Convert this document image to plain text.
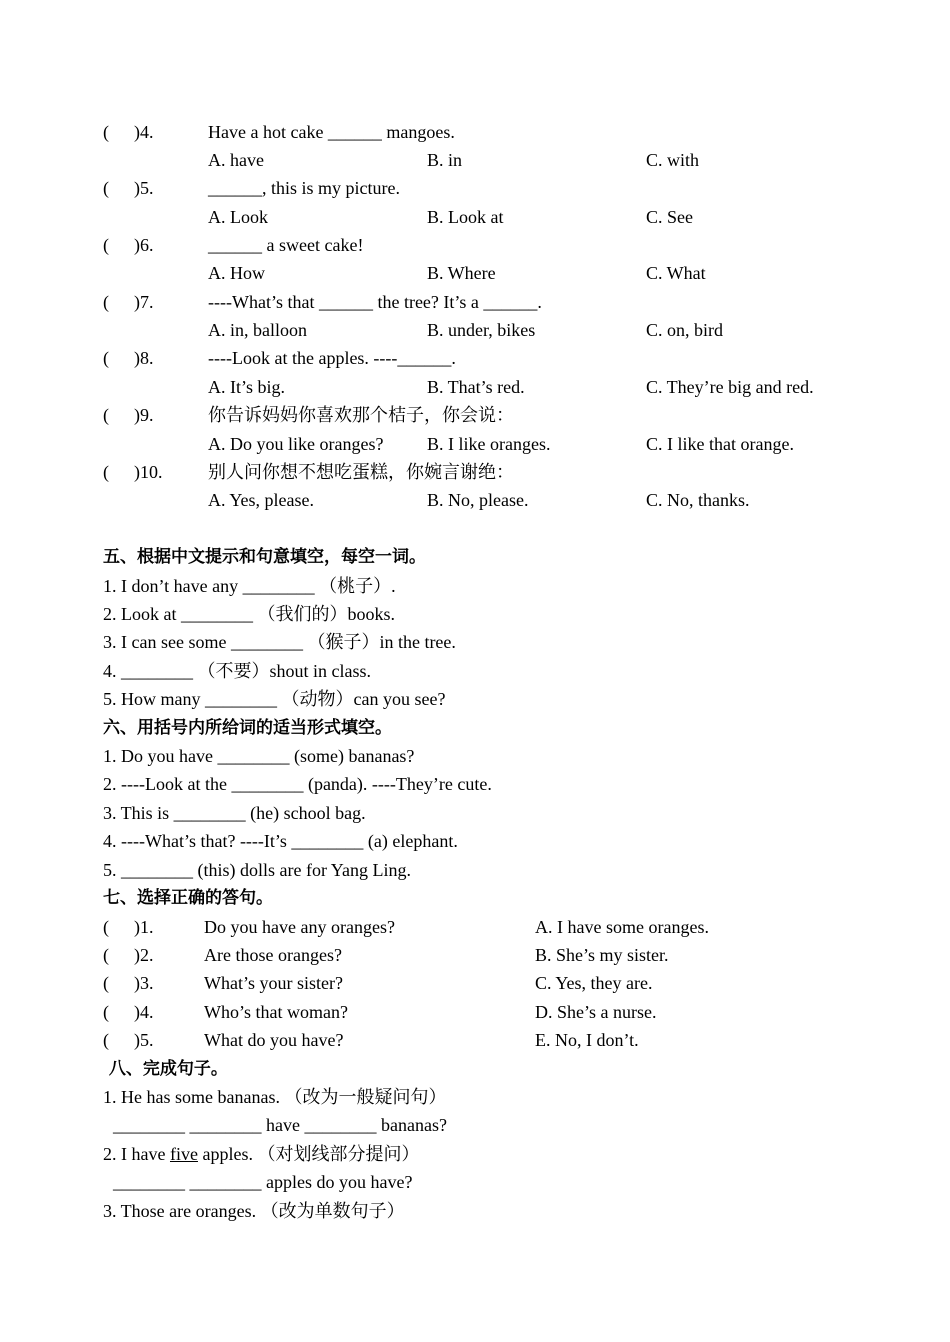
( )4.	Have a hot cake ______ mangoes.
A. have	B. in	C. with
( )5.	______, this is my picture.
A. Look	B. Look at	C. See
( )6.	______ a sweet cake!
A. How	B. Where	C. What
( )7.	----What’s that ______ the tree? It’s a ______.
A. in, balloon	B. under, bikes	C. on, bird
( )8.	----Look at the apples. ----______.
A. It’s big.	B. That’s red.	C. They’re big and red.
( )9.	你告诉妈妈你喜欢那个桔子，你会说：
A. Do you like oranges? B. I like oranges.	C. I like that orange.
( )10.	别人问你想不想吃蛋糕，你婉言谢绝：
A. Yes, please.	B. No, please.	C. No, thanks.
五、根据中文提示和句意填空，每空一词。
1. I don’t have any ________ （桃子）.
2. Look at ________ （我们的）books.
3. I can see some ________ （猴子）in the tree.
4. ________ （不要）shout in class.
5. How many ________ （动物）can you see?
六、用括号内所给词的适当形式填空。
1. Do you have ________ (some) bananas?
2. ----Look at the ________ (panda). ----They’re cute.
3. This is ________ (he) school bag.
4. ----What’s that? ----It’s ________ (a) elephant.
5. ________ (this) dolls are for Yang Ling.
七、选择正确的答句。
( )1.	Do you have any oranges?	A. I have some oranges.
( )2.	Are those oranges?	B. She’s my sister.
( )3.	What’s your sister?	C. Yes, they are.
( )4.	Who’s that woman?	D. She’s a nurse.
( )5.	What do you have?	E. No, I don’t.
八、完成句子。
1. He has some bananas. （改为一般疑问句）
________ ________ have ________ bananas?
2. I have five apples. （对划线部分提问）
________ ________ apples do you have?
3. Those are oranges. （改为单数句子）
